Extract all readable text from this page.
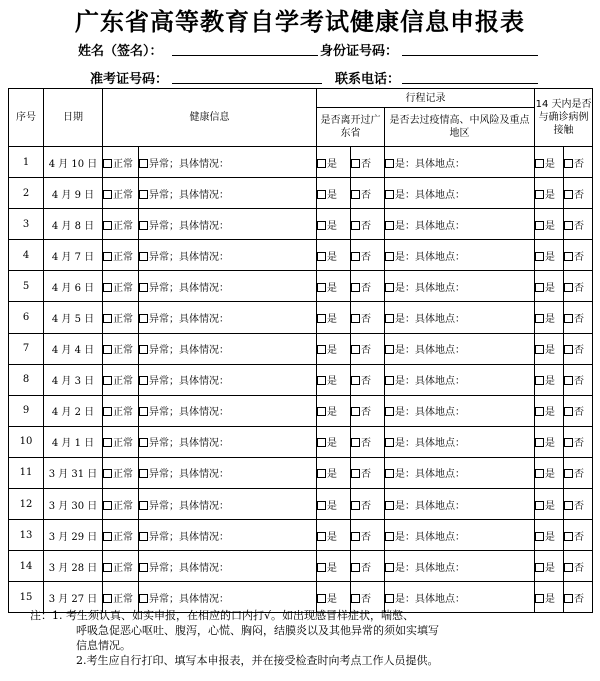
广东省高等教育自学考试健康信息申报表
姓名（签名）：	身份证号码：
准考证号码：	联系电话：
序号	日期	健康信息		行程记录			14 天内是否与确诊病例接触	
				是否离开过广东省		是否去过疫情高、中风险及重点地区		
1	4 月 10 日	正常	异常；具体情况：	是	否	是：具体地点：	是	否
2	4 月 9 日	正常	异常；具体情况：	是	否	是：具体地点：	是	否
3	4 月 8 日	正常	异常；具体情况：	是	否	是：具体地点：	是	否
4	4 月 7 日	正常	异常；具体情况：	是	否	是：具体地点：	是	否
5	4 月 6 日	正常	异常；具体情况：	是	否	是：具体地点：	是	否
6	4 月 5 日	正常	异常；具体情况：	是	否	是：具体地点：	是	否
7	4 月 4 日	正常	异常；具体情况：	是	否	是：具体地点：	是	否
8	4 月 3 日	正常	异常；具体情况：	是	否	是：具体地点：	是	否
9	4 月 2 日	正常	异常；具体情况：	是	否	是：具体地点：	是	否
10	4 月 1 日	正常	异常；具体情况：	是	否	是：具体地点：	是	否
11	3 月 31 日	正常	异常；具体情况：	是	否	是：具体地点：	是	否
12	3 月 30 日	正常	异常；具体情况：	是	否	是：具体地点：	是	否
13	3 月 29 日	正常	异常；具体情况：	是	否	是：具体地点：	是	否
14	3 月 28 日	正常	异常；具体情况：	是	否	是：具体地点：	是	否
15	3 月 27 日	正常	异常；具体情况：	是	否	是：具体地点：	是	否
注： 1. 考生须认真、如实申报，在相应的口内打√。如出现感冒样症状，喘憋、

呼吸急促恶心呕吐、腹泻，心慌、胸闷，结膜炎以及其他异常的须如实填写

信息情况。

2.考生应自行打印、填写本申报表，并在接受检查时向考点工作人员提供。
